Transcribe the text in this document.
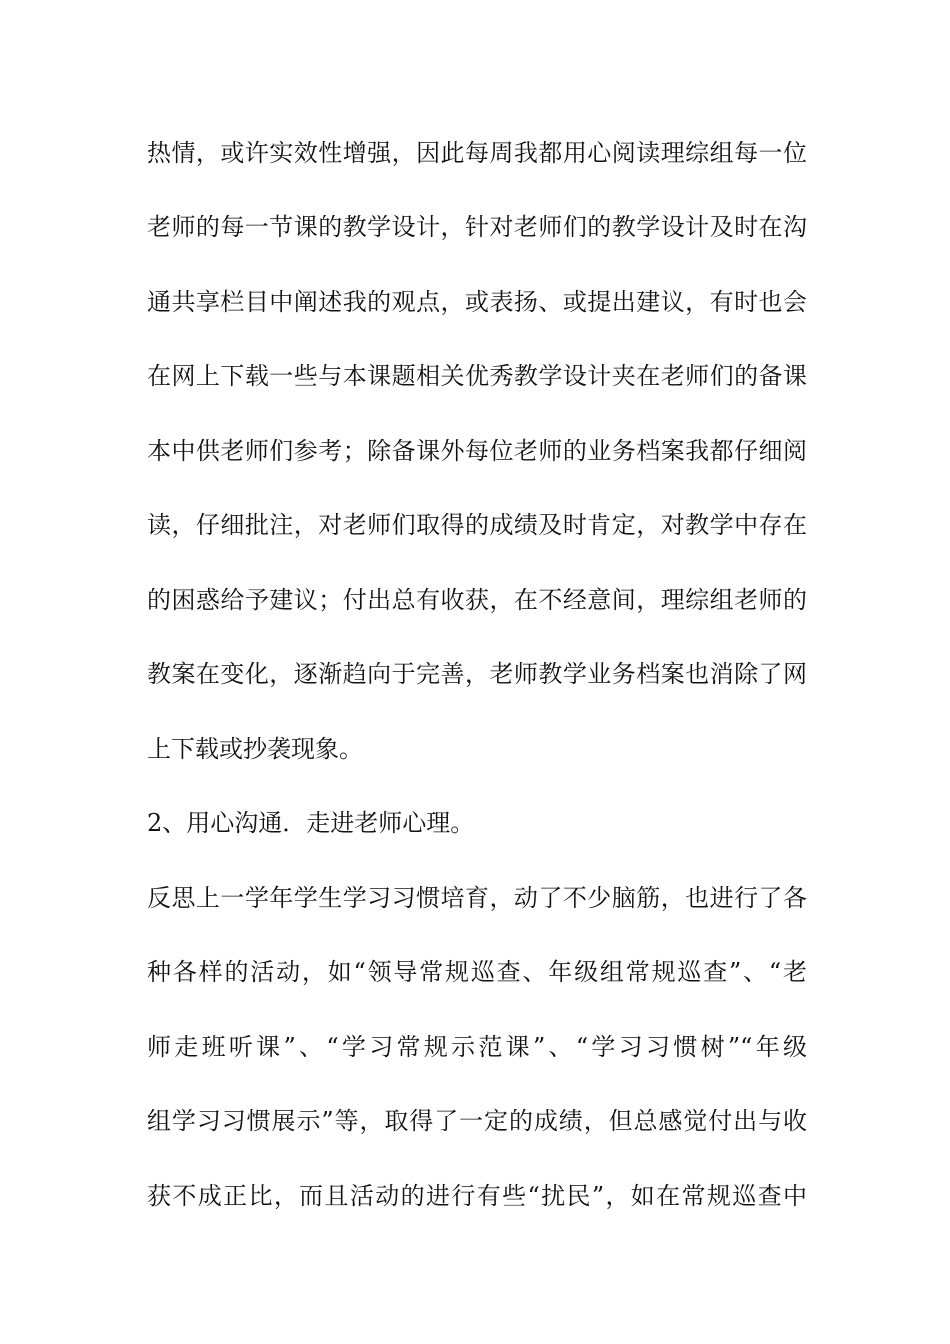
热情，或许实效性增强，因此每周我都用心阅读理综组每一位
老师的每一节课的教学设计，针对老师们的教学设计及时在沟
通共享栏目中阐述我的观点，或表扬、或提出建议，有时也会
在网上下载一些与本课题相关优秀教学设计夹在老师们的备课
本中供老师们参考；除备课外每位老师的业务档案我都仔细阅
读，仔细批注，对老师们取得的成绩及时肯定，对教学中存在
的困惑给予建议；付出总有收获，在不经意间，理综组老师的
教案在变化，逐渐趋向于完善，老师教学业务档案也消除了网
上下载或抄袭现象。
2、用心沟通．走进老师心理。
反思上一学年学生学习习惯培育，动了不少脑筋，也进行了各
种各样的活动，如“领导常规巡查、年级组常规巡查”、“老
师走班听课”、“学习常规示范课”、“学习习惯树”“年级
组学习习惯展示”等，取得了一定的成绩，但总感觉付出与收
获不成正比，而且活动的进行有些“扰民”，如在常规巡查中
